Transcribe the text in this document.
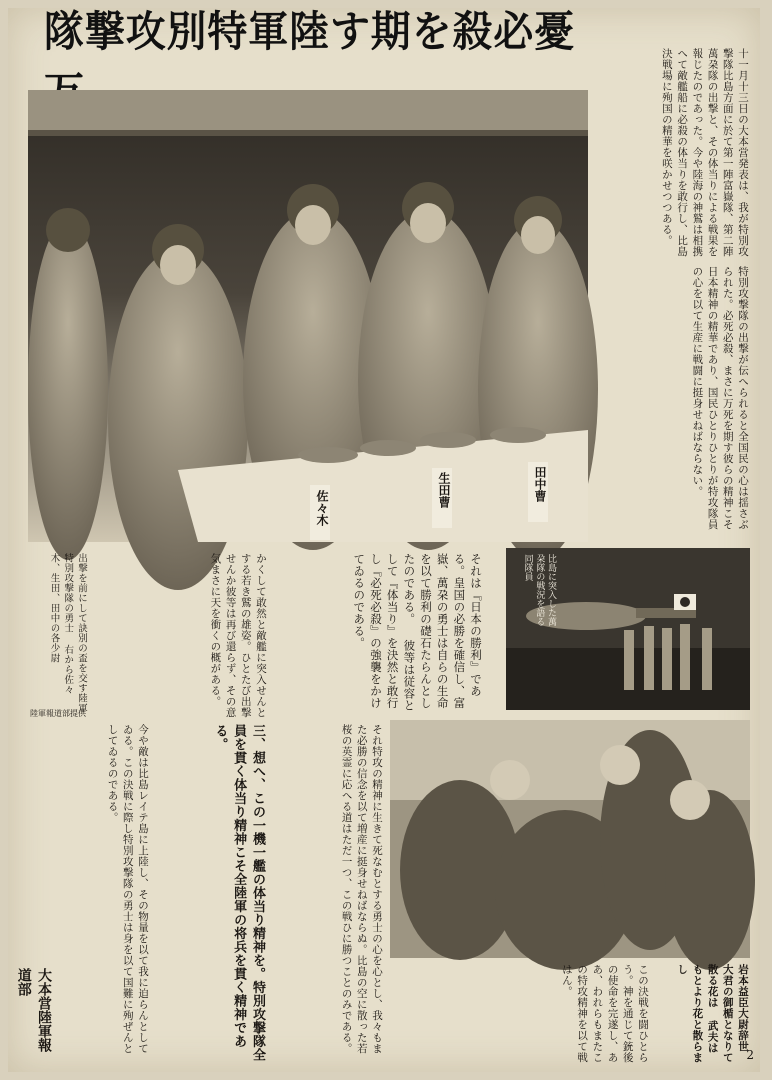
隊撃攻別特軍陸す期を殺必憂
十一月十三日の大本営発表は、我が特別攻撃隊比島方面に於て第一陣富嶽隊、第二陣萬朶隊の出撃と、その体当りによる戦果を報じたのであった。今や陸海の神鷲は相携へて敵艦船に必殺の体当りを敢行し、比島決戦場に殉国の精華を咲かせつつある。
佐々木	生田曹	田中曹	特別攻撃隊の出撃が伝へられると全国民の心は揺さぶられた。必死必殺、まさに万死を期す彼らの精神こそ日本精神の精華であり、国民ひとりひとりが特攻隊員の心を以て生産に戦闘に挺身せねばならない。
出撃を前にして訣別の盃を交す陸軍特別攻撃隊の勇士 右から佐々木、生田、田中の各少尉
陸軍報道部提供	かくして敢然と敵艦に突入せんとする若き鷲の雄姿。ひとたび出撃せんか彼等は再び還らず、その意気まさに天を衝くの概がある。	それは『日本の勝利』である。皇国の必勝を確信し、富嶽、萬朶の勇士は自らの生命を以て勝利の礎石たらんとしたのである。 彼等は従容として『体当り』を決然と敢行し『必死必殺』の強襲をかけてゐるのである。	比島に突入した萬朶隊の戦況を語る同隊員
今や敵は比島レイテ島に上陸し、その物量を以て我に迫らんとしてゐる。この決戦に際し特別攻撃隊の勇士は身を以て国難に殉ぜんとしてゐるのである。	三、想へ、この一機一艦の体当り精神を。特別攻撃隊全員を貫く体当り精神こそ全陸軍の将兵を貫く精神である。	それ特攻の精神に生きて死なむとする勇士の心を心とし、我々もまた必勝の信念を以て増産に挺身せねばならぬ。比島の空に散った若桜の英霊に応へる道はただ一つ、この戦ひに勝つことのみである。	この決戦を闘ひとらう。神を通じて銃後の使命を完遂し、ああ、われらもまたこの特攻精神を以て戦はん。	岩本益臣大尉辞世 大君の御楯となりて散る花は 武夫はもとより花と散らまし
大本営陸軍報道部
2
